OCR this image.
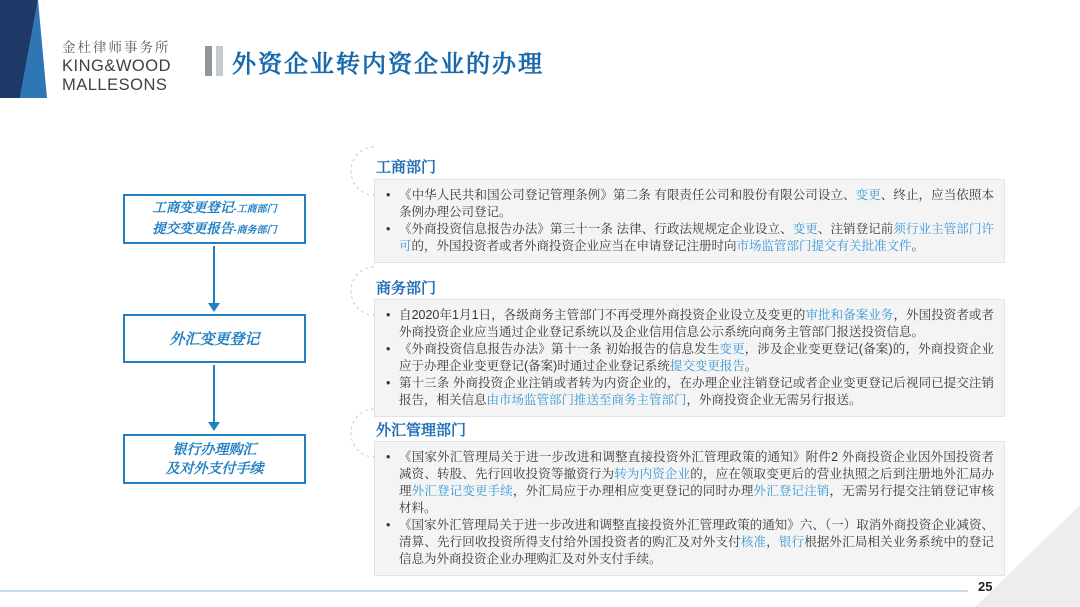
金杜律师事务所
KING&WOOD
MALLESONS
外资企业转内资企业的办理
工商变更登记-工商部门
提交变更报告-商务部门
外汇变更登记
银行办理购汇
及对外支付手续
工商部门
商务部门
外汇管理部门
• 《中华人民共和国公司登记管理条例》第二条 有限责任公司和股份有限公司设立、变更、终止，应当依照本条例办理公司登记。
• 《外商投资信息报告办法》第三十一条 法律、行政法规规定企业设立、变更、注销登记前须行业主管部门许可的，外国投资者或者外商投资企业应当在申请登记注册时向市场监管部门提交有关批准文件。
• 自2020年1月1日，各级商务主管部门不再受理外商投资企业设立及变更的审批和备案业务，外国投资者或者外商投资企业应当通过企业登记系统以及企业信用信息公示系统向商务主管部门报送投资信息。
• 《外商投资信息报告办法》第十一条 初始报告的信息发生变更，涉及企业变更登记(备案)的，外商投资企业应于办理企业变更登记(备案)时通过企业登记系统提交变更报告。
• 第十三条 外商投资企业注销或者转为内资企业的，在办理企业注销登记或者企业变更登记后视同已提交注销报告，相关信息由市场监管部门推送至商务主管部门，外商投资企业无需另行报送。
• 《国家外汇管理局关于进一步改进和调整直接投资外汇管理政策的通知》附件2 外商投资企业因外国投资者减资、转股、先行回收投资等撤资行为转为内资企业的，应在领取变更后的营业执照之后到注册地外汇局办理外汇登记变更手续，外汇局应于办理相应变更登记的同时办理外汇登记注销，无需另行提交注销登记审核材料。
• 《国家外汇管理局关于进一步改进和调整直接投资外汇管理政策的通知》六、（一）取消外商投资企业减资、清算、先行回收投资所得支付给外国投资者的购汇及对外支付核准，银行根据外汇局相关业务系统中的登记信息为外商投资企业办理购汇及对外支付手续。
25
